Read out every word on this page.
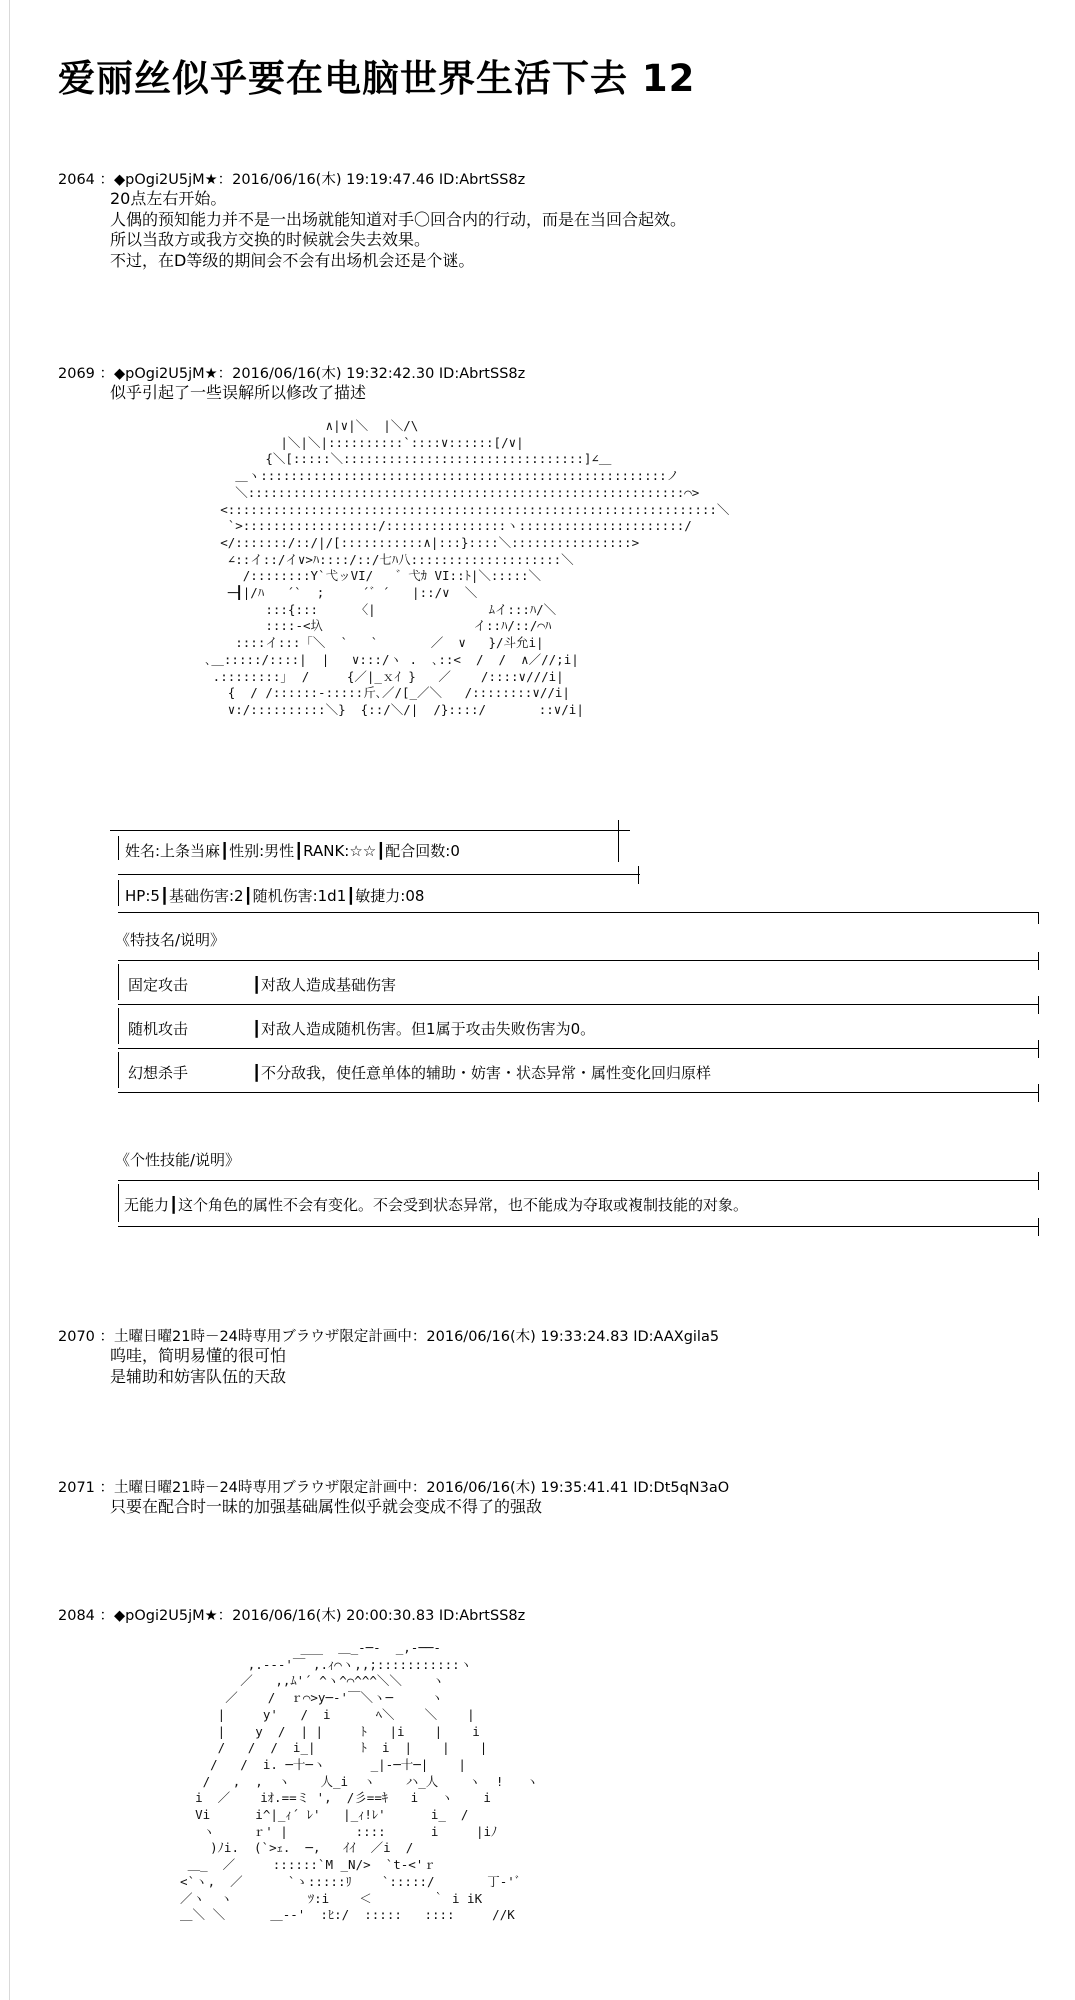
爱丽丝似乎要在电脑世界生活下去 12
2064 ：◆pOgi2U5jM★：2016/06/16(木) 19:19:47.46 ID:AbrtSS8z
20点左右开始。
人偶的预知能力并不是一出场就能知道对手〇回合内的行动，而是在当回合起效。
所以当敌方或我方交换的时候就会失去效果。
不过，在D等级的期间会不会有出场机会还是个谜。
2069 ：◆pOgi2U5jM★：2016/06/16(木) 19:32:42.30 ID:AbrtSS8z
似乎引起了一些误解所以修改了描述
∧|∨|＼  |＼/\
|＼|＼|::::::::::`::::∨::::::[/∨|
{＼[:::::＼::::::::::::::::::::::::::::::::]∠＿
＿ヽ::::::::::::::::::::::::::::::::::::::::::::::::::::::ノ
＼::::::::::::::::::::::::::::::::::::::::::::::::::::::::::⌒>
<:::::::::::::::::::::::::::::::::::::::::::::::::::::::::::::::::＼
`>::::::::::::::::::/::::::::::::::::ヽ::::::::::::::::::::::/
</:::::::/::/|/[:::::::::::∧|:::}::::＼::::::::::::::::>
∠::イ::/イ∨>ﾊ::::/::/七ﾊ八::::::::::::::::::::＼
/::::::::Y`弋ッVI/   ゛弋ｶ VI::ﾄ|＼:::::＼
─┨|/ﾊ   ´`  ;     ´゛´   |::/∨  ＼
:::{:::     〈|               ﾑイ:::ﾊ/＼
::::-<圦                    イ::ﾊ/::/⌒ﾊ
::::イ:::「＼  `   `       ／  ∨   }/斗允i|
､＿:::::/::::|  |   ∨:::/ヽ .  ､::<  /  /  ∧／//;i|
.::::::::｣  /     {／|_ｘｲ }   ／    /::::∨///i|
{  / /::::::-:::::斤､／/[_／＼   /::::::::∨//i|
∨:/::::::::::＼}  {::/＼/|  /}::::/       ::∨/i|
姓名:上条当麻┃性别:男性┃RANK:☆☆┃配合回数:0
HP:5┃基础伤害:2┃随机伤害:1d1┃敏捷力:08
《特技名/说明》
固定攻击	┃对敌人造成基础伤害
随机攻击	┃对敌人造成随机伤害。但1属于攻击失败伤害为0。
幻想杀手	┃不分敌我，使任意单体的辅助・妨害・状态异常・属性变化回归原样
《个性技能/说明》
无能力┃这个角色的属性不会有变化。不会受到状态异常，也不能成为夺取或複制技能的对象。
2070 ：土曜日曜21時－24時専用ブラウザ限定計画中：2016/06/16(木) 19:33:24.83 ID:AAXgila5
呜哇，简明易懂的很可怕
是辅助和妨害队伍的天敌
2071 ：土曜日曜21時－24時専用ブラウザ限定計画中：2016/06/16(木) 19:35:41.41 ID:Dt5qN3aO
只要在配合时一昧的加强基础属性似乎就会变成不得了的强敌
2084 ：◆pOgi2U5jM★：2016/06/16(木) 20:00:30.83 ID:AbrtSS8z
___  ＿_-─-  _,-──-
,.-‐‐'￣ ,.ｨ⌒ヽ,,;:::::::::::ヽ
／   ,,ﾑ'´ ^ヽ^⌒^^^＼＼    ヽ
／    /  ｒ⌒>y─‐'￣＼ヽ─     ヽ
|     y'   /  i      ﾍ＼    ＼    |
|    y  /  | |     ﾄ   |i    |    i
/   /  /  i_|      ﾄ  i  |    |    |
/   /  i. ─十─ヽ      _|-─十─|    |
/   ,  ,  ヽ    人_i  ヽ    ハ_人    ヽ  !   ヽ
i  ／    iｵ.==ミ ',  /彡==ｷ   i   ヽ    i
Vi      i^|_ｨ´ ﾚ'   |_ｨ!ﾚ'      i_  /
ヽ     ｒ' |         ::::      i     |iﾉ
)ﾉi.  (`>ｪ.  ─,   ｲｲ  ／i  /
＿_  ／     ::::::`M _N/>  `t-<'ｒ
<`ヽ,  ／      `ゝ:::::ﾘ    `:::::/       丁-'ﾞ
／ヽ  ヽ          ﾂ:i    ＜        ｀ i iK
＿＼ ＼      ＿-‐'  :ﾋ:/  :::::   ::::     //K
